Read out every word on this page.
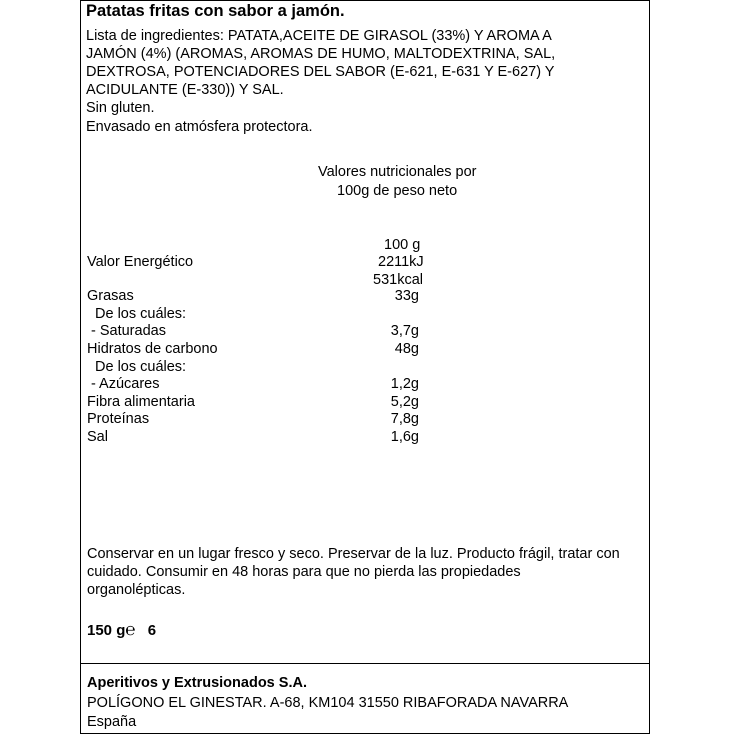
Patatas fritas con sabor a jamón.
Lista de ingredientes: PATATA,ACEITE DE GIRASOL (33%) Y AROMA A
JAMÓN (4%) (AROMAS, AROMAS DE HUMO, MALTODEXTRINA, SAL,
DEXTROSA, POTENCIADORES DEL SABOR (E-621, E-631 Y E-627) Y
ACIDULANTE (E-330)) Y SAL.
Sin gluten.
Envasado en atmósfera protectora.
Valores nutricionales por
100g de peso neto
100 g
Valor Energético	2211kJ
531kcal
Grasas	33g
De los cuáles:
- Saturadas	3,7g
Hidratos de carbono	48g
De los cuáles:
- Azúcares	1,2g
Fibra alimentaria	5,2g
Proteínas	7,8g
Sal	1,6g
Conservar en un lugar fresco y seco. Preservar de la luz. Producto frágil, tratar con
cuidado. Consumir en 48 horas para que no pierda las propiedades
organolépticas.
150 g℮ 6
Aperitivos y Extrusionados S.A.
POLÍGONO EL GINESTAR. A-68, KM104 31550 RIBAFORADA NAVARRA
España
